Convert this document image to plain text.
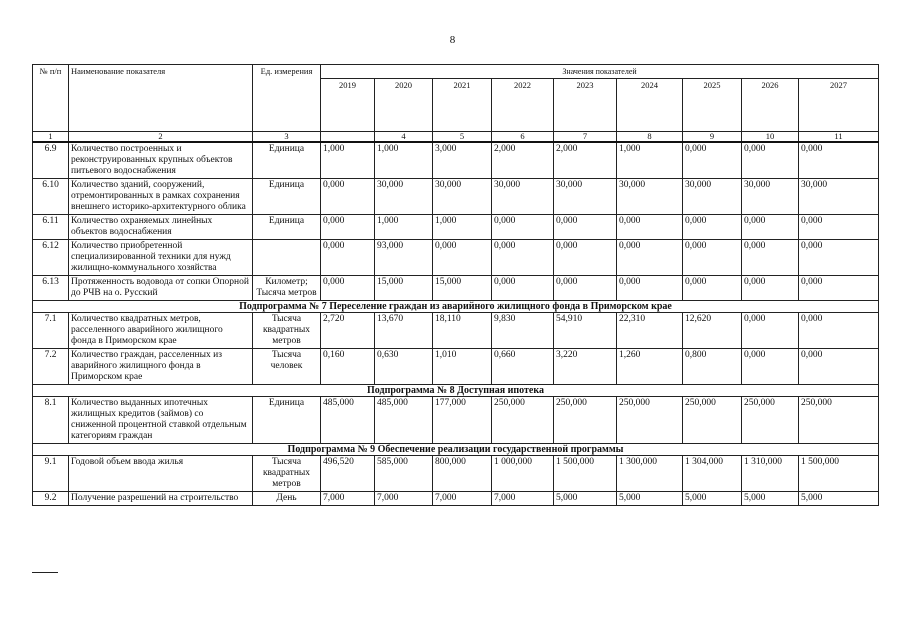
8
№ п/п	Наименование показателя	Ед. измерения	Значения показателей								
			2019	2020	2021	2022	2023	2024	2025	2026	2027
1	2	3		4	5	6	7	8	9	10	11
6.9	Количество построенных и реконструированных крупных объектов питьевого водоснабжения	Единица	1,000	1,000	3,000	2,000	2,000	1,000	0,000	0,000	0,000
6.10	Количество зданий, сооружений, отремонтированных в рамках сохранения внешнего историко-архитектурного облика	Единица	0,000	30,000	30,000	30,000	30,000	30,000	30,000	30,000	30,000
6.11	Количество охраняемых линейных объектов водоснабжения	Единица	0,000	1,000	1,000	0,000	0,000	0,000	0,000	0,000	0,000
6.12	Количество приобретенной специализированной техники для нужд жилищно-коммунального хозяйства		0,000	93,000	0,000	0,000	0,000	0,000	0,000	0,000	0,000
6.13	Протяженность водовода от сопки Опорной до РЧВ на о. Русский	Километр; Тысяча метров	0,000	15,000	15,000	0,000	0,000	0,000	0,000	0,000	0,000
Подпрограмма № 7 Переселение граждан из аварийного жилищного фонда в Приморском крае											
7.1	Количество квадратных метров, расселенного аварийного жилищного фонда в Приморском крае	Тысяча квадратных метров	2,720	13,670	18,110	9,830	54,910	22,310	12,620	0,000	0,000
7.2	Количество граждан, расселенных из аварийного жилищного фонда в Приморском крае	Тысяча человек	0,160	0,630	1,010	0,660	3,220	1,260	0,800	0,000	0,000
Подпрограмма № 8 Доступная ипотека											
8.1	Количество выданных ипотечных жилищных кредитов (займов) со сниженной процентной ставкой отдельным категориям граждан	Единица	485,000	485,000	177,000	250,000	250,000	250,000	250,000	250,000	250,000
Подпрограмма № 9 Обеспечение реализации государственной программы											
9.1	Годовой объем ввода жилья	Тысяча квадратных метров	496,520	585,000	800,000	1 000,000	1 500,000	1 300,000	1 304,000	1 310,000	1 500,000
9.2	Получение разрешений на строительство	День	7,000	7,000	7,000	7,000	5,000	5,000	5,000	5,000	5,000
